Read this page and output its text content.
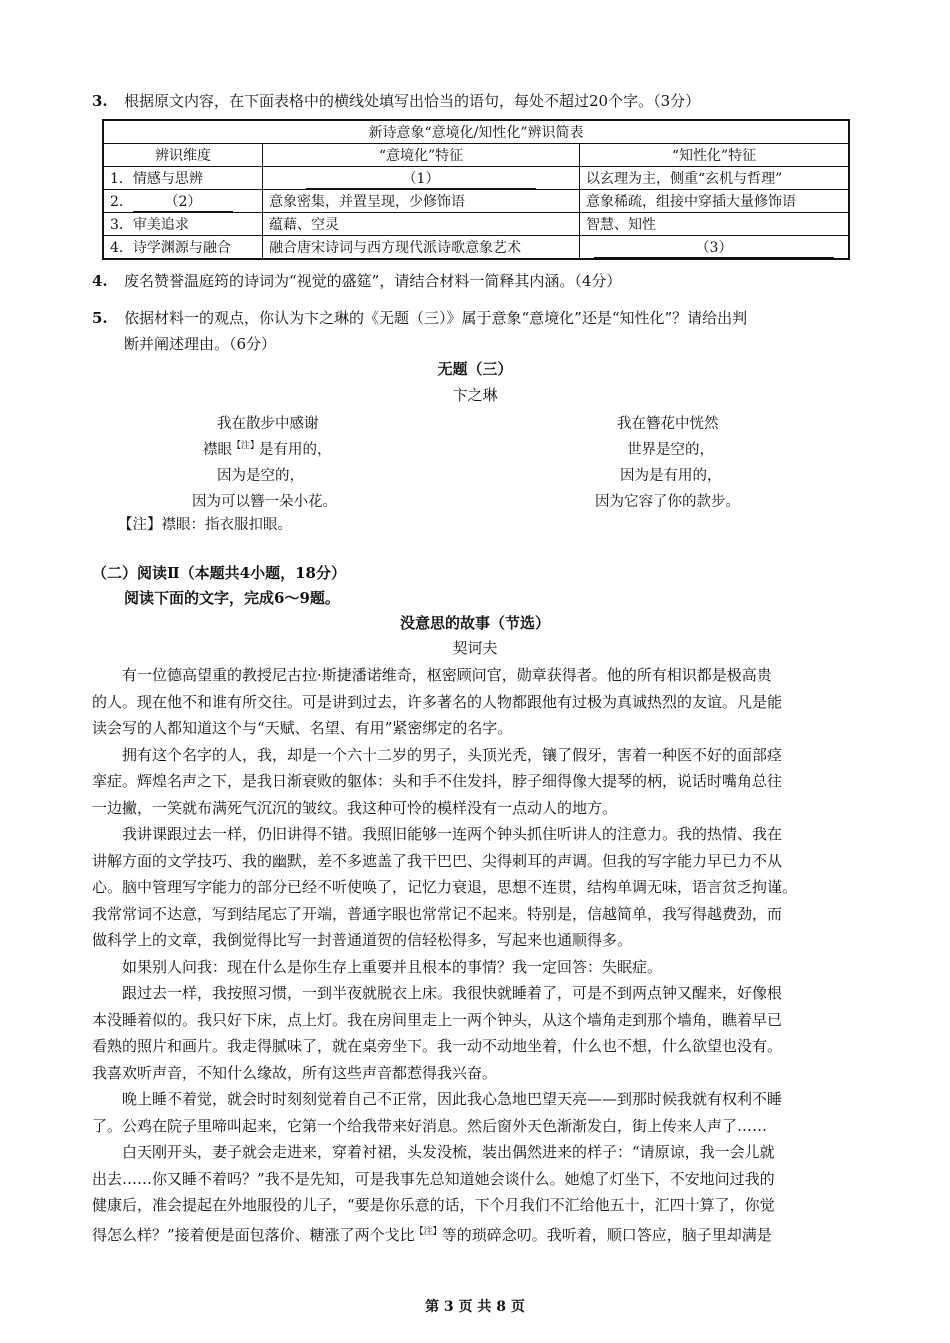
3. 根据原文内容，在下面表格中的横线处填写出恰当的语句，每处不超过20个字。（3分）
新诗意象“意境化/知性化”辨识简表		
辨识维度	“意境化”特征	“知性化”特征
1．情感与思辨	（1）	以玄理为主，侧重“玄机与哲理”
2． （2）	意象密集，并置呈现，少修饰语	意象稀疏，组接中穿插大量修饰语
3．审美追求	蕴藉、空灵	智慧、知性
4．诗学渊源与融合	融合唐宋诗词与西方现代派诗歌意象艺术	（3）
4. 废名赞誉温庭筠的诗词为“视觉的盛筵”，请结合材料一简释其内涵。（4分）
5. 依据材料一的观点，你认为卞之琳的《无题（三）》属于意象“意境化”还是“知性化”？请给出判
断并阐述理由。（6分）
无题（三）
卞之琳
我在散步中感谢
襟眼$^{【注】}$是有用的，
因为是空的，
因为可以簪一朵小花。
我在簪花中恍然
世界是空的，
因为是有用的，
因为它容了你的款步。
【注】襟眼：指衣服扣眼。
（二）阅读Ⅱ（本题共4小题，18分）
阅读下面的文字，完成6～9题。
没意思的故事（节选）
契诃夫

有一位德高望重的教授尼古拉·斯捷潘诺维奇，枢密顾问官，勋章获得者。他的所有相识都是极高贵
的人。现在他不和谁有所交往。可是讲到过去，许多著名的人物都跟他有过极为真诚热烈的友谊。凡是能
读会写的人都知道这个与“天赋、名望、有用”紧密绑定的名字。

拥有这个名字的人，我，却是一个六十二岁的男子，头顶光秃，镶了假牙，害着一种医不好的面部痉
挛症。辉煌名声之下，是我日渐衰败的躯体：头和手不住发抖，脖子细得像大提琴的柄，说话时嘴角总往
一边撇，一笑就布满死气沉沉的皱纹。我这种可怜的模样没有一点动人的地方。

我讲课跟过去一样，仍旧讲得不错。我照旧能够一连两个钟头抓住听讲人的注意力。我的热情、我在
讲解方面的文学技巧、我的幽默，差不多遮盖了我干巴巴、尖得刺耳的声调。但我的写字能力早已力不从
心。脑中管理写字能力的部分已经不听使唤了，记忆力衰退，思想不连贯，结构单调无味，语言贫乏拘谨。
我常常词不达意，写到结尾忘了开端，普通字眼也常常记不起来。特别是，信越简单，我写得越费劲，而
做科学上的文章，我倒觉得比写一封普通道贺的信轻松得多，写起来也通顺得多。

如果别人问我：现在什么是你生存上重要并且根本的事情？我一定回答：失眠症。

跟过去一样，我按照习惯，一到半夜就脱衣上床。我很快就睡着了，可是不到两点钟又醒来，好像根
本没睡着似的。我只好下床，点上灯。我在房间里走上一两个钟头，从这个墙角走到那个墙角，瞧着早已
看熟的照片和画片。我走得腻味了，就在桌旁坐下。我一动不动地坐着，什么也不想，什么欲望也没有。
我喜欢听声音，不知什么缘故，所有这些声音都惹得我兴奋。

晚上睡不着觉，就会时时刻刻觉着自己不正常，因此我心急地巴望天亮——到那时候我就有权利不睡
了。公鸡在院子里啼叫起来，它第一个给我带来好消息。然后窗外天色渐渐发白，街上传来人声了……

白天刚开头，妻子就会走进来，穿着衬裙，头发没梳，装出偶然进来的样子：“请原谅，我一会儿就
出去……你又睡不着吗？”我不是先知，可是我事先总知道她会谈什么。她熄了灯坐下，不安地问过我的
健康后，准会提起在外地服役的儿子，“要是你乐意的话，下个月我们不汇给他五十，汇四十算了，你觉
得怎么样？”接着便是面包落价、糖涨了两个戈比$^{【注】}$等的琐碎念叨。我听着，顺口答应，脑子里却满是

第 3 页 共 8 页
